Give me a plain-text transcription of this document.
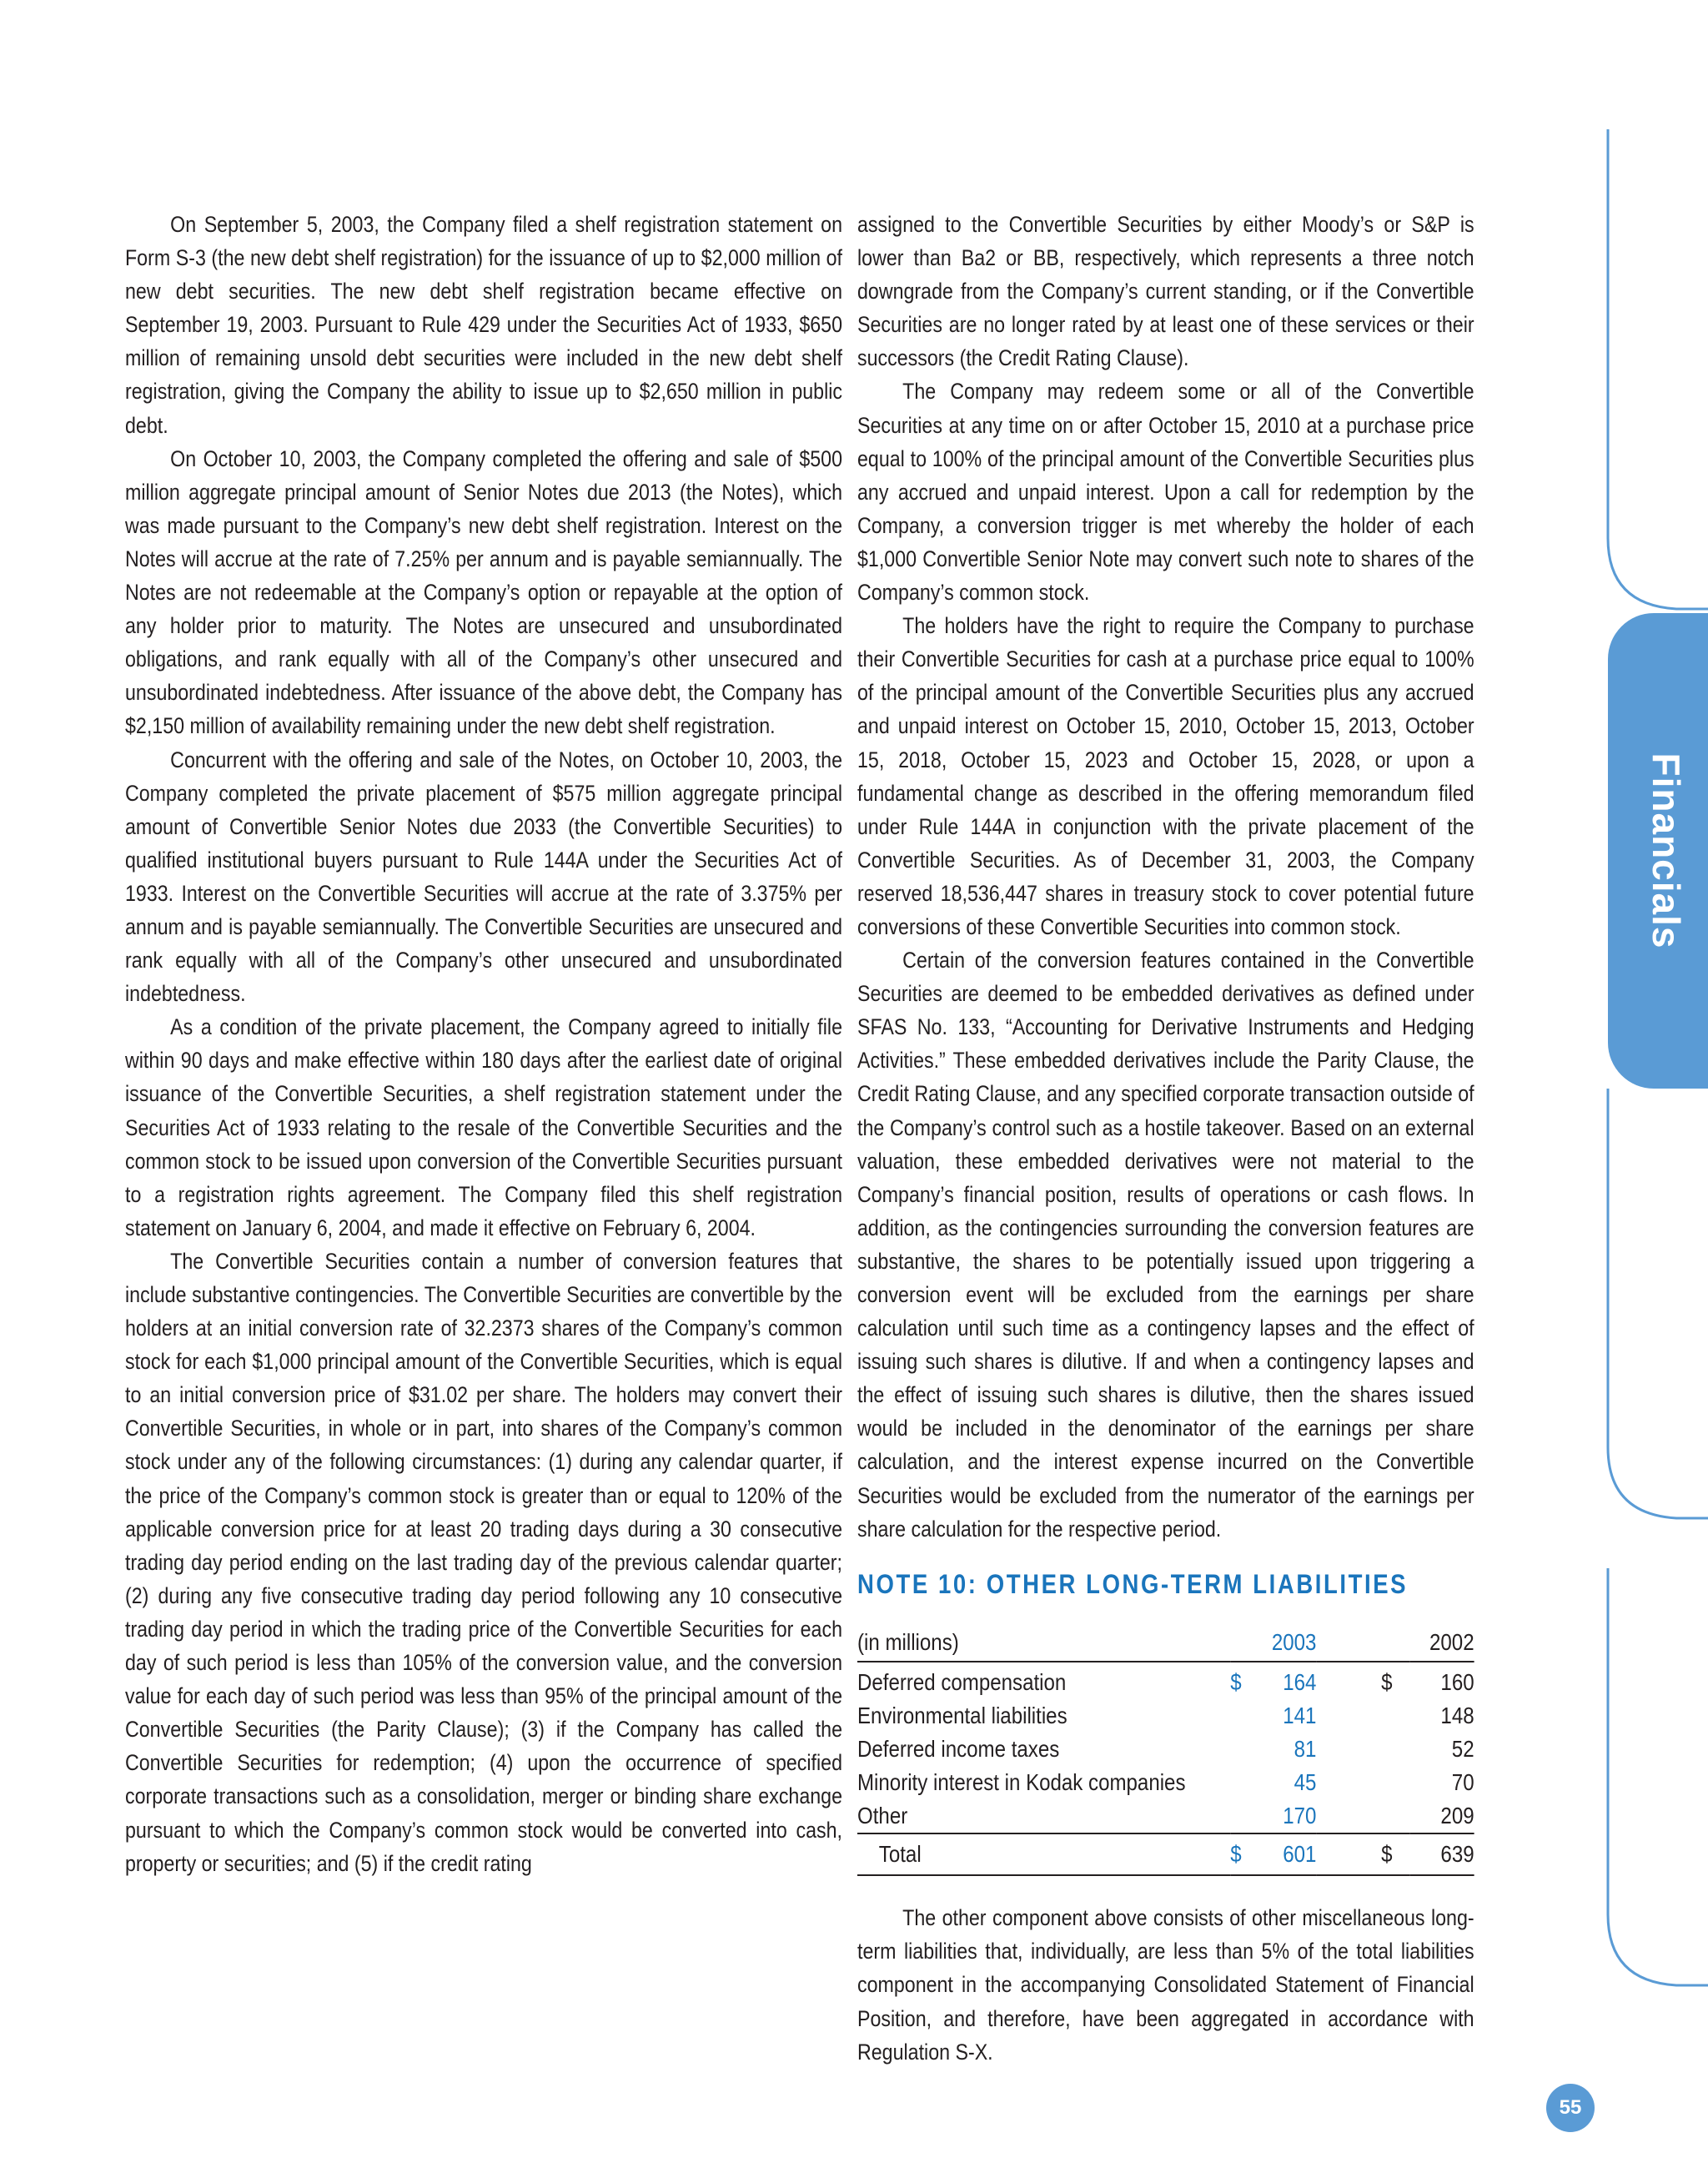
On September 5, 2003, the Company filed a shelf registration statement on Form S-3 (the new debt shelf registration) for the issuance of up to $2,000 million of new debt securities. The new debt shelf registration became effective on September 19, 2003. Pursuant to Rule 429 under the Securities Act of 1933, $650 million of remaining unsold debt securities were included in the new debt shelf registration, giving the Company the ability to issue up to $2,650 million in public debt.

On October 10, 2003, the Company completed the offering and sale of $500 million aggregate principal amount of Senior Notes due 2013 (the Notes), which was made pursuant to the Company’s new debt shelf registration. Interest on the Notes will accrue at the rate of 7.25% per annum and is payable semiannually. The Notes are not redeemable at the Company’s option or repayable at the option of any holder prior to maturity. The Notes are unsecured and unsubordinated obligations, and rank equally with all of the Company’s other unsecured and unsubordinated indebtedness. After issuance of the above debt, the Company has $2,150 million of availability remaining under the new debt shelf registration.

Concurrent with the offering and sale of the Notes, on October 10, 2003, the Company completed the private placement of $575 million aggregate principal amount of Convertible Senior Notes due 2033 (the Convertible Securities) to qualified institutional buyers pursuant to Rule 144A under the Securities Act of 1933. Interest on the Convertible Securities will accrue at the rate of 3.375% per annum and is payable semiannually. The Convertible Securities are unsecured and rank equally with all of the Company’s other unsecured and unsubordinated indebtedness.

As a condition of the private placement, the Company agreed to initially file within 90 days and make effective within 180 days after the earliest date of original issuance of the Convertible Securities, a shelf registration statement under the Securities Act of 1933 relating to the resale of the Convertible Securities and the common stock to be issued upon conversion of the Convertible Securities pursuant to a registration rights agreement. The Company filed this shelf registration statement on January 6, 2004, and made it effective on February 6, 2004.

The Convertible Securities contain a number of conversion features that include substantive contingencies. The Convertible Securities are convertible by the holders at an initial conversion rate of 32.2373 shares of the Company’s common stock for each $1,000 principal amount of the Convertible Securities, which is equal to an initial conversion price of $31.02 per share. The holders may convert their Convertible Securities, in whole or in part, into shares of the Company’s common stock under any of the following circumstances: (1) during any calendar quarter, if the price of the Company’s common stock is greater than or equal to 120% of the applicable conversion price for at least 20 trading days during a 30 consecutive trading day period ending on the last trading day of the previous calendar quarter; (2) during any five consecutive trading day period following any 10 consecutive trading day period in which the trading price of the Convertible Securities for each day of such period is less than 105% of the conversion value, and the conversion value for each day of such period was less than 95% of the principal amount of the Convertible Securities (the Parity Clause); (3) if the Company has called the Convertible Securities for redemption; (4) upon the occurrence of specified corporate transactions such as a consolidation, merger or binding share exchange pursuant to which the Company’s common stock would be converted into cash, property or securities; and (5) if the credit rating

assigned to the Convertible Securities by either Moody’s or S&P is lower than Ba2 or BB, respectively, which represents a three notch downgrade from the Company’s current standing, or if the Convertible Securities are no longer rated by at least one of these services or their successors (the Credit Rating Clause).

The Company may redeem some or all of the Convertible Securities at any time on or after October 15, 2010 at a purchase price equal to 100% of the principal amount of the Convertible Securities plus any accrued and unpaid interest. Upon a call for redemption by the Company, a conversion trigger is met whereby the holder of each $1,000 Convertible Senior Note may convert such note to shares of the Company’s common stock.

The holders have the right to require the Company to purchase their Convertible Securities for cash at a purchase price equal to 100% of the principal amount of the Convertible Securities plus any accrued and unpaid interest on October 15, 2010, October 15, 2013, October 15, 2018, October 15, 2023 and October 15, 2028, or upon a fundamental change as described in the offering memorandum filed under Rule 144A in conjunction with the private placement of the Convertible Securities. As of December 31, 2003, the Company reserved 18,536,447 shares in treasury stock to cover potential future conversions of these Convertible Securities into common stock.

Certain of the conversion features contained in the Convertible Securities are deemed to be embedded derivatives as defined under SFAS No. 133, “Accounting for Derivative Instruments and Hedging Activities.” These embedded derivatives include the Parity Clause, the Credit Rating Clause, and any specified corporate transaction outside of the Company’s control such as a hostile takeover. Based on an external valuation, these embedded derivatives were not material to the Company’s financial position, results of operations or cash flows. In addition, as the contingencies surrounding the conversion features are substantive, the shares to be potentially issued upon triggering a conversion event will be excluded from the earnings per share calculation until such time as a contingency lapses and the effect of issuing such shares is dilutive. If and when a contingency lapses and the effect of issuing such shares is dilutive, then the shares issued would be included in the denominator of the earnings per share calculation, and the interest expense incurred on the Convertible Securities would be excluded from the numerator of the earnings per share calculation for the respective period.

NOTE 10: OTHER LONG-TERM LIABILITIES
(in millions)		2003		2002
Deferred compensation	$	164	$	160
Environmental liabilities		141		148
Deferred income taxes		81		52
Minority interest in Kodak companies		45		70
Other		170		209
Total	$	601	$	639

The other component above consists of other miscellaneous long-term liabilities that, individually, are less than 5% of the total liabilities component in the accompanying Consolidated Statement of Financial Position, and therefore, have been aggregated in accordance with Regulation S-X.

Financials
55
